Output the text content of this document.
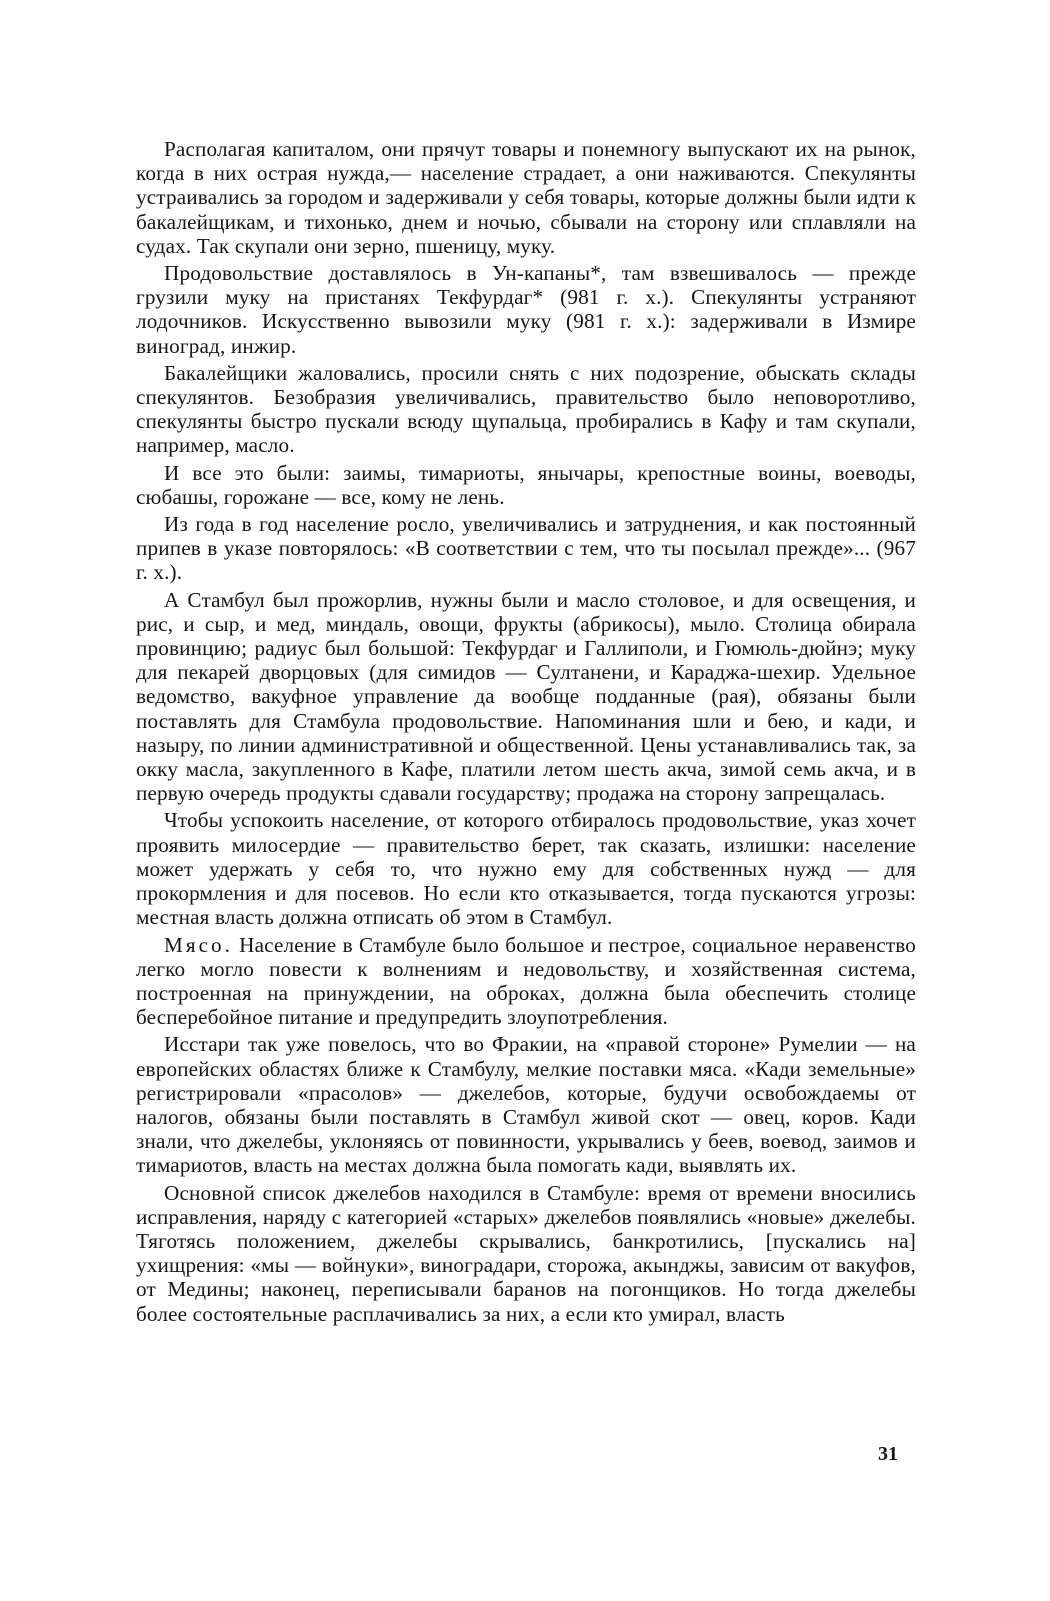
Располагая капиталом, они прячут товары и понемногу выпускают их на рынок, когда в них острая нужда,— население страдает, а они наживаются. Спекулянты устраивались за городом и задерживали у себя товары, которые должны были идти к бакалейщикам, и тихонько, днем и ночью, сбывали на сторону или сплавляли на судах. Так скупали они зерно, пшеницу, муку.

Продовольствие доставлялось в Ун-капаны*, там взвешивалось — прежде грузили муку на пристанях Текфурдаг* (981 г. х.). Спекулянты устраняют лодочников. Искусственно вывозили муку (981 г. х.): задерживали в Измире виноград, инжир.

Бакалейщики жаловались, просили снять с них подозрение, обыскать склады спекулянтов. Безобразия увеличивались, правительство было неповоротливо, спекулянты быстро пускали всюду щупальца, пробирались в Кафу и там скупали, например, масло.

И все это были: заимы, тимариоты, янычары, крепостные воины, воеводы, сюбашы, горожане — все, кому не лень.

Из года в год население росло, увеличивались и затруднения, и как постоянный припев в указе повторялось: «В соответствии с тем, что ты посылал прежде»... (967 г. х.).

А Стамбул был прожорлив, нужны были и масло столовое, и для освещения, и рис, и сыр, и мед, миндаль, овощи, фрукты (абрикосы), мыло. Столица обирала провинцию; радиус был большой: Текфурдаг и Галлиполи, и Гюмюль-дюйнэ; муку для пекарей дворцовых (для симидов — Султанени, и Караджа-шехир. Удельное ведомство, вакуфное управление да вообще подданные (рая), обязаны были поставлять для Стамбула продовольствие. Напоминания шли и бею, и кади, и назыру, по линии административной и общественной. Цены устанавливались так, за окку масла, закупленного в Кафе, платили летом шесть акча, зимой семь акча, и в первую очередь продукты сдавали государству; продажа на сторону запрещалась.

Чтобы успокоить население, от которого отбиралось продовольствие, указ хочет проявить милосердие — правительство берет, так сказать, излишки: население может удержать у себя то, что нужно ему для собственных нужд — для прокормления и для посевов. Но если кто отказывается, тогда пускаются угрозы: местная власть должна отписать об этом в Стамбул.

Мясо. Население в Стамбуле было большое и пестрое, социальное неравенство легко могло повести к волнениям и недовольству, и хозяйственная система, построенная на принуждении, на оброках, должна была обеспечить столице бесперебойное питание и предупредить злоупотребления.

Исстари так уже повелось, что во Фракии, на «правой стороне» Румелии — на европейских областях ближе к Стамбулу, мелкие поставки мяса. «Кади земельные» регистрировали «прасолов» — джелебов, которые, будучи освобождаемы от налогов, обязаны были поставлять в Стамбул живой скот — овец, коров. Кади знали, что джелебы, уклоняясь от повинности, укрывались у беев, воевод, заимов и тимариотов, власть на местах должна была помогать кади, выявлять их.

Основной список джелебов находился в Стамбуле: время от времени вносились исправления, наряду с категорией «старых» джелебов появлялись «новые» джелебы. Тяготясь положением, джелебы скрывались, банкротились, [пускались на] ухищрения: «мы — войнуки», виноградари, сторожа, акынджы, зависим от вакуфов, от Медины; наконец, переписывали баранов на погонщиков. Но тогда джелебы более состоятельные расплачивались за них, а если кто умирал, власть

31
